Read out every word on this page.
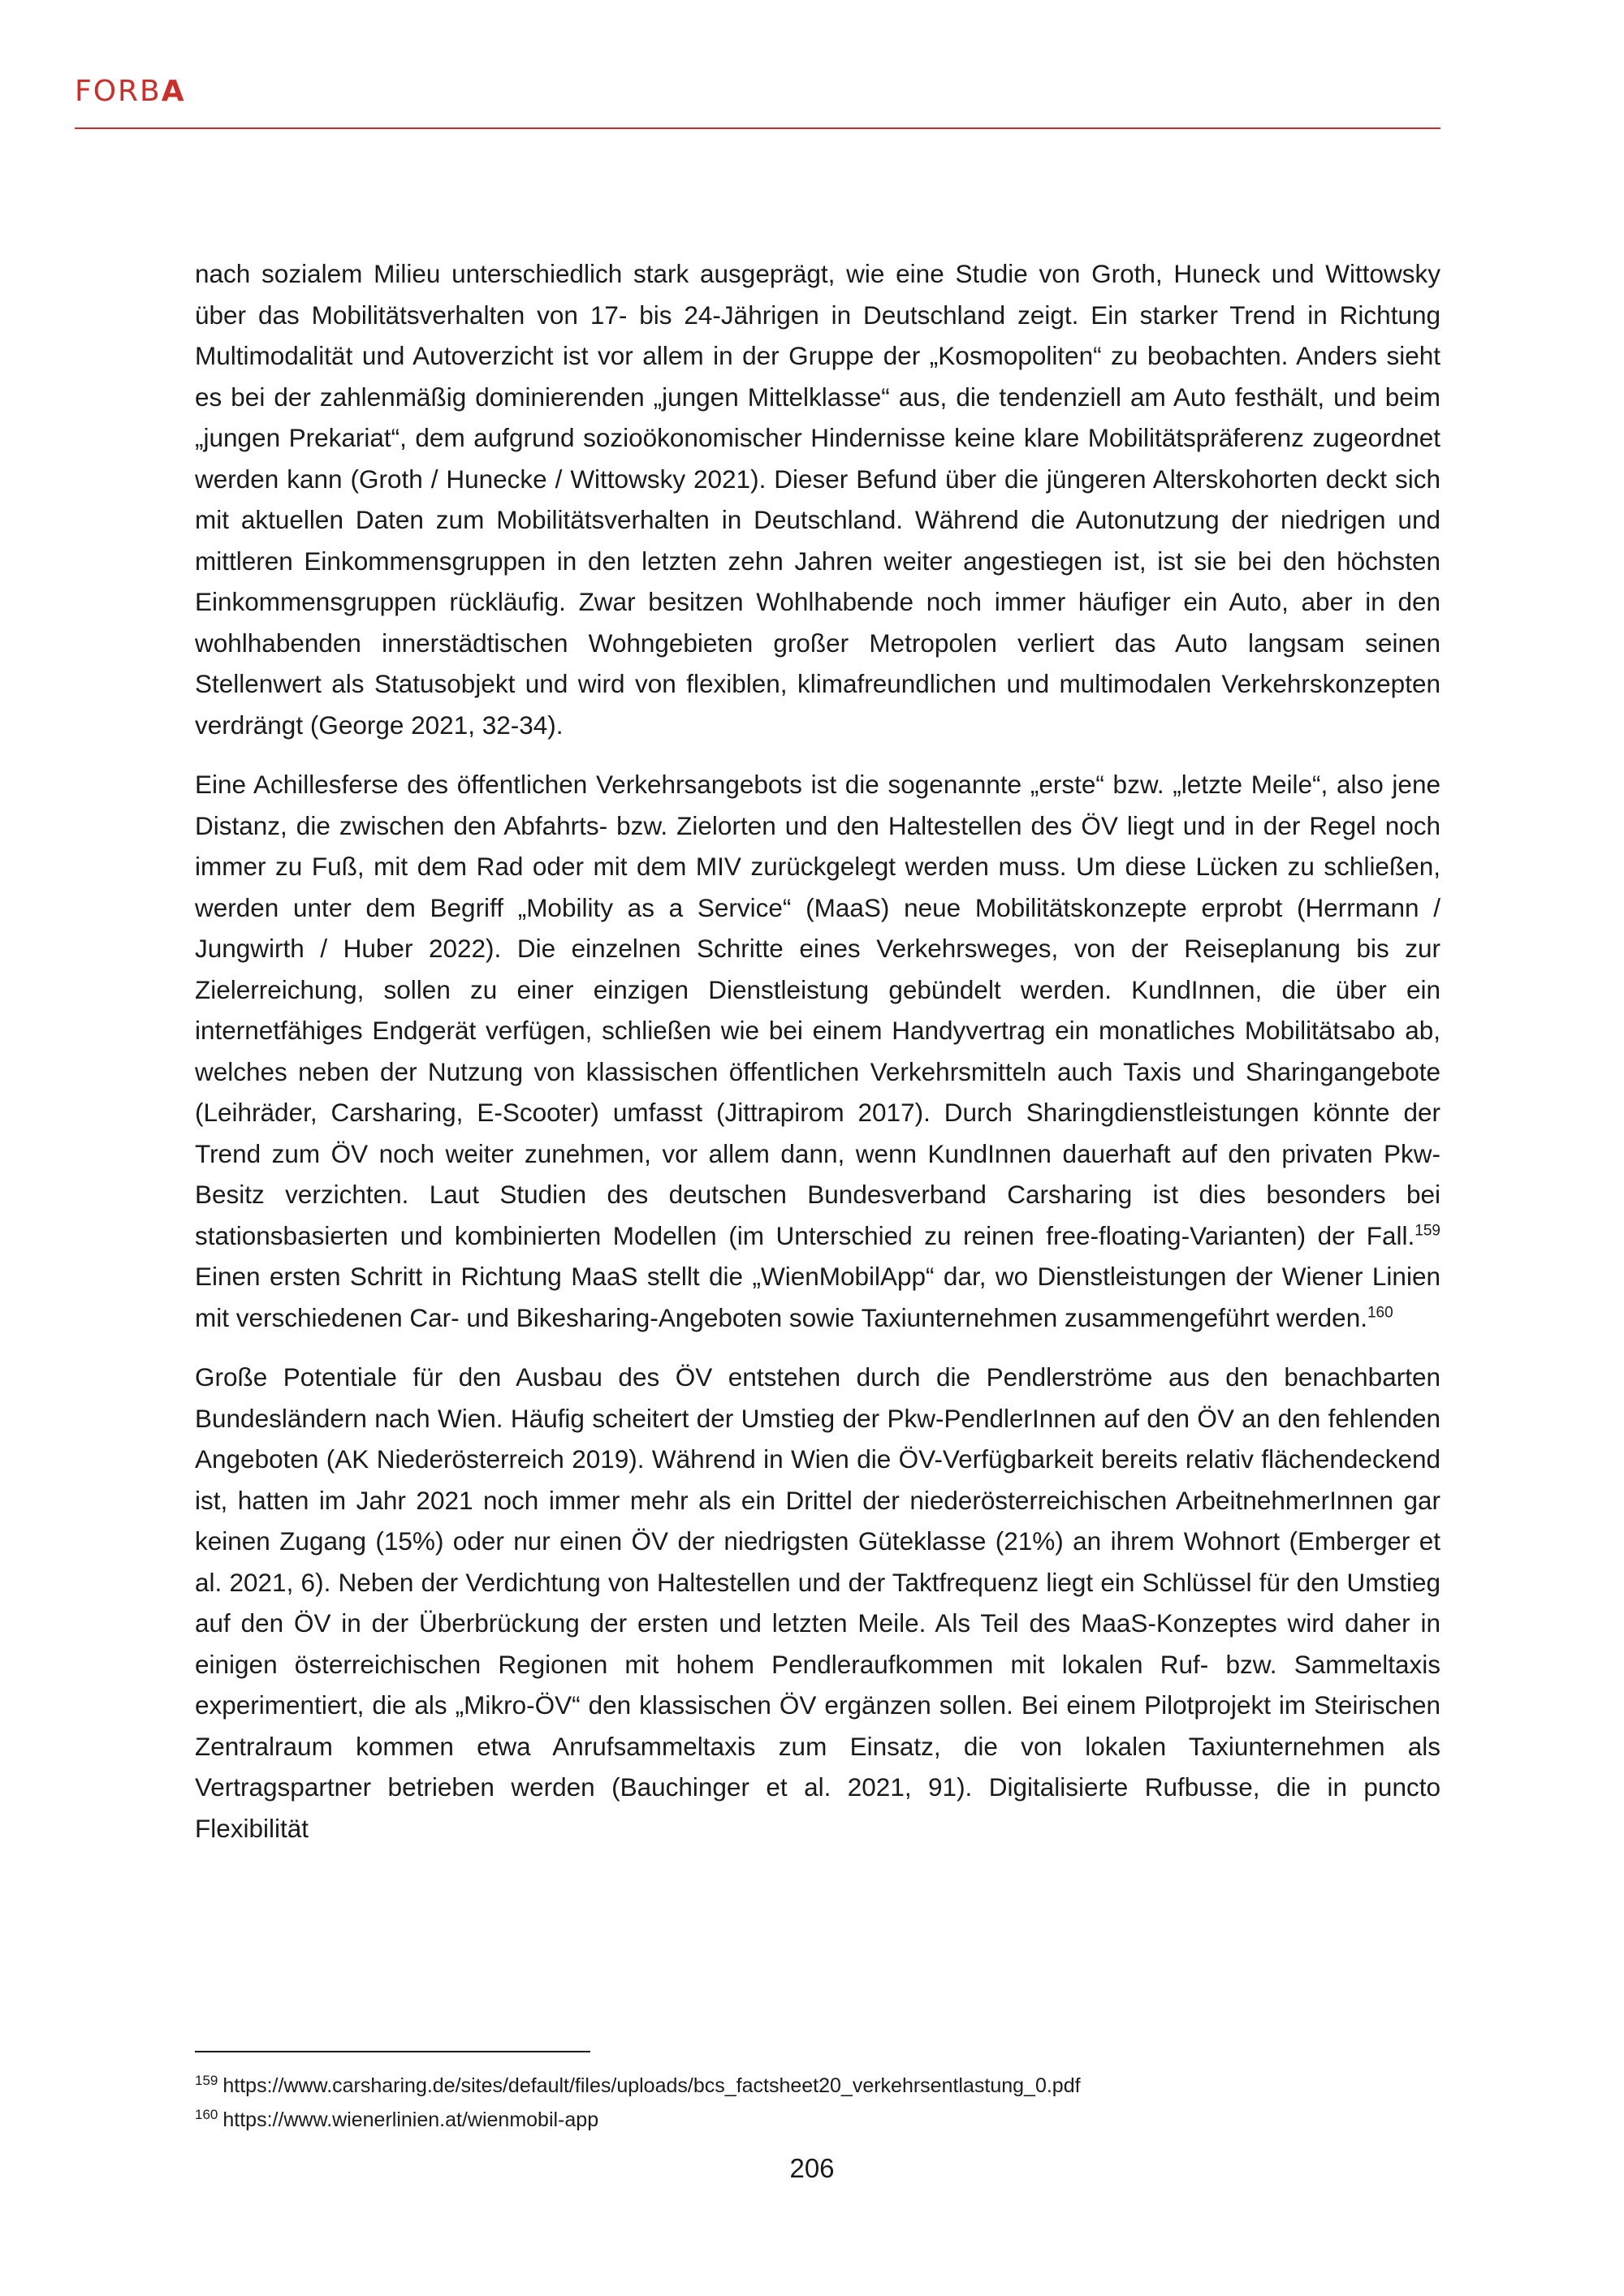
FORBA

nach sozialem Milieu unterschiedlich stark ausgeprägt, wie eine Studie von Groth, Huneck und Wittowsky über das Mobilitätsverhalten von 17- bis 24-Jährigen in Deutschland zeigt. Ein starker Trend in Richtung Multimodalität und Autoverzicht ist vor allem in der Gruppe der „Kosmopoliten“ zu beobachten. Anders sieht es bei der zahlenmäßig dominierenden „jungen Mittelklasse“ aus, die tendenziell am Auto festhält, und beim „jungen Prekariat“, dem aufgrund sozioökonomischer Hindernisse keine klare Mobilitätspräferenz zugeordnet werden kann (Groth / Hunecke / Wittowsky 2021). Dieser Befund über die jüngeren Alterskohorten deckt sich mit aktuellen Daten zum Mobilitätsverhalten in Deutschland. Während die Autonutzung der niedrigen und mittleren Einkommensgruppen in den letzten zehn Jahren weiter angestiegen ist, ist sie bei den höchsten Einkommensgruppen rückläufig. Zwar besitzen Wohlhabende noch immer häufiger ein Auto, aber in den wohlhabenden innerstädtischen Wohngebieten großer Metropolen verliert das Auto langsam seinen Stellenwert als Statusobjekt und wird von flexiblen, klimafreundlichen und multimodalen Verkehrskonzepten verdrängt (George 2021, 32-34).

Eine Achillesferse des öffentlichen Verkehrsangebots ist die sogenannte „erste“ bzw. „letzte Meile“, also jene Distanz, die zwischen den Abfahrts- bzw. Zielorten und den Haltestellen des ÖV liegt und in der Regel noch immer zu Fuß, mit dem Rad oder mit dem MIV zurückgelegt werden muss. Um diese Lücken zu schließen, werden unter dem Begriff „Mobility as a Service“ (MaaS) neue Mobilitätskonzepte erprobt (Herrmann / Jungwirth / Huber 2022). Die einzelnen Schritte eines Verkehrsweges, von der Reiseplanung bis zur Zielerreichung, sollen zu einer einzigen Dienstleistung gebündelt werden. KundInnen, die über ein internetfähiges Endgerät verfügen, schließen wie bei einem Handyvertrag ein monatliches Mobilitätsabo ab, welches neben der Nutzung von klassischen öffentlichen Verkehrsmitteln auch Taxis und Sharingangebote (Leihräder, Carsharing, E-Scooter) umfasst (Jittrapirom 2017). Durch Sharingdienstleistungen könnte der Trend zum ÖV noch weiter zunehmen, vor allem dann, wenn KundInnen dauerhaft auf den privaten Pkw-Besitz verzichten. Laut Studien des deutschen Bundesverband Carsharing ist dies besonders bei stationsbasierten und kombinierten Modellen (im Unterschied zu reinen free-floating-Varianten) der Fall.$^{159}$ Einen ersten Schritt in Richtung MaaS stellt die „WienMobilApp“ dar, wo Dienstleistungen der Wiener Linien mit verschiedenen Car- und Bikesharing-Angeboten sowie Taxiunternehmen zusammengeführt werden.$^{160}$

Große Potentiale für den Ausbau des ÖV entstehen durch die Pendlerströme aus den benachbarten Bundesländern nach Wien. Häufig scheitert der Umstieg der Pkw-PendlerInnen auf den ÖV an den fehlenden Angeboten (AK Niederösterreich 2019). Während in Wien die ÖV-Verfügbarkeit bereits relativ flächendeckend ist, hatten im Jahr 2021 noch immer mehr als ein Drittel der niederösterreichischen ArbeitnehmerInnen gar keinen Zugang (15%) oder nur einen ÖV der niedrigsten Güteklasse (21%) an ihrem Wohnort (Emberger et al. 2021, 6). Neben der Verdichtung von Haltestellen und der Taktfrequenz liegt ein Schlüssel für den Umstieg auf den ÖV in der Überbrückung der ersten und letzten Meile. Als Teil des MaaS-Konzeptes wird daher in einigen österreichischen Regionen mit hohem Pendleraufkommen mit lokalen Ruf- bzw. Sammeltaxis experimentiert, die als „Mikro-ÖV“ den klassischen ÖV ergänzen sollen. Bei einem Pilotprojekt im Steirischen Zentralraum kommen etwa Anrufsammeltaxis zum Einsatz, die von lokalen Taxiunternehmen als Vertragspartner betrieben werden (Bauchinger et al. 2021, 91). Digitalisierte Rufbusse, die in puncto Flexibilität

$^{159}$ https://www.carsharing.de/sites/default/files/uploads/bcs_factsheet20_verkehrsentlastung_0.pdf
$^{160}$ https://www.wienerlinien.at/wienmobil-app
206
